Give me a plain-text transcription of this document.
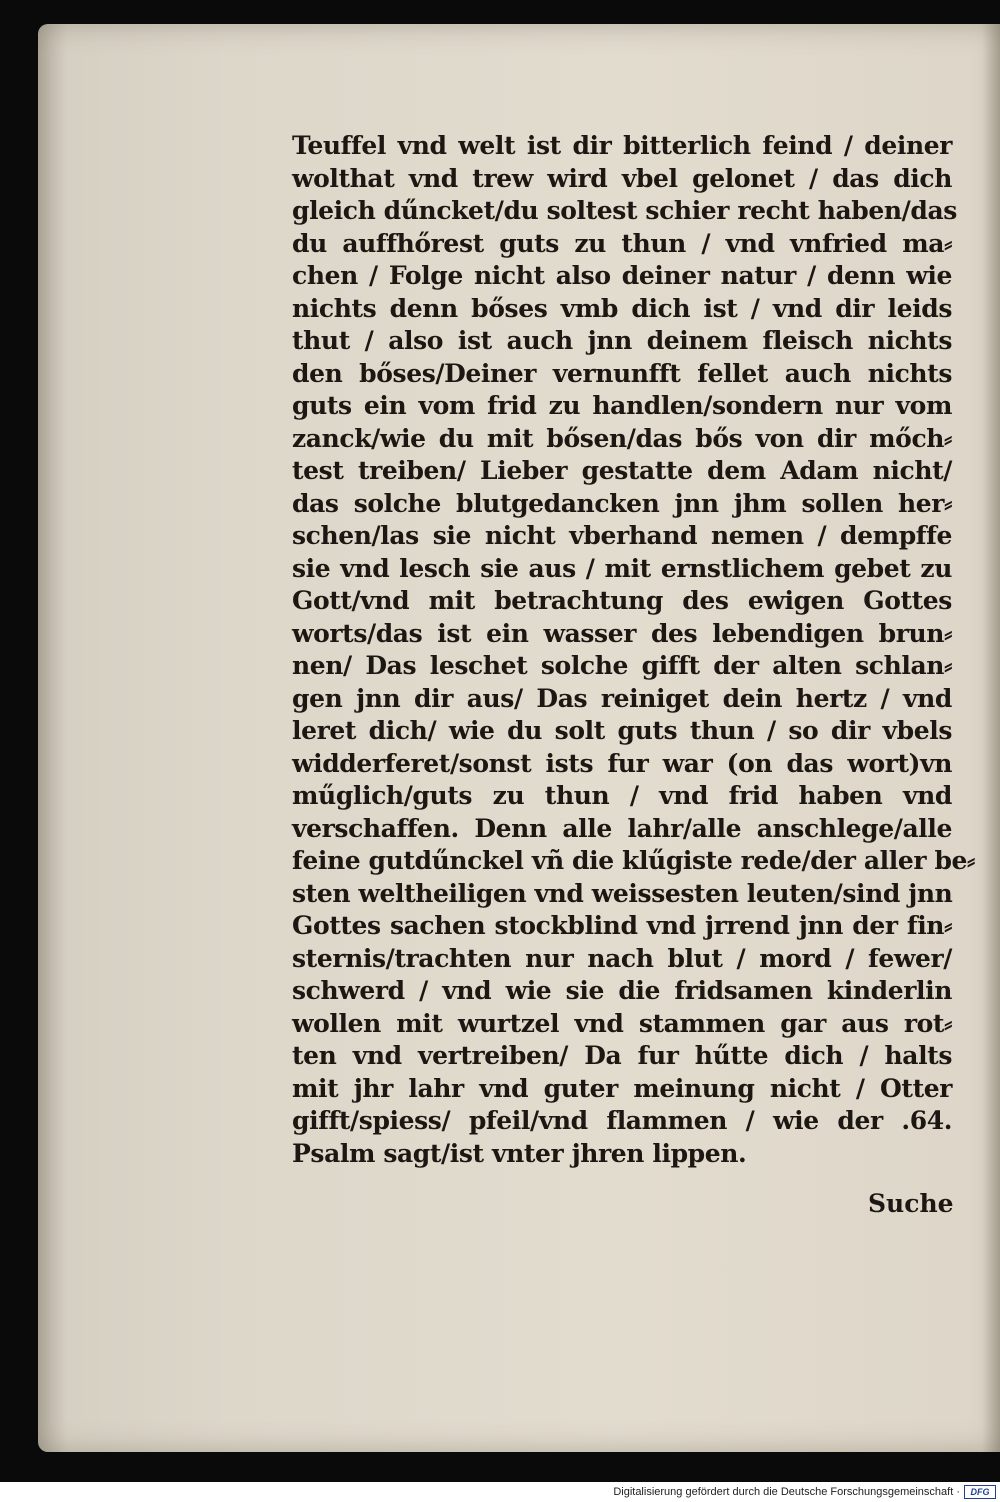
Teuffel vnd welt ist dir bitterlich feind / deiner
wolthat vnd trew wird vbel gelonet / das dich
gleich dűncket/du soltest schier recht haben/das
du auffhőrest guts zu thun / vnd vnfried ma⸗
chen / Folge nicht also deiner natur / denn wie
nichts denn bőses vmb dich ist / vnd dir leids
thut / also ist auch jnn deinem fleisch nichts
den bőses/Deiner vernunfft fellet auch nichts
guts ein vom frid zu handlen/sondern nur vom
zanck/wie du mit bősen/das bős von dir mőch⸗
test treiben/ Lieber gestatte dem Adam nicht/
das solche blutgedancken jnn jhm sollen her⸗
schen/las sie nicht vberhand nemen / dempffe
sie vnd lesch sie aus / mit ernstlichem gebet zu
Gott/vnd mit betrachtung des ewigen Gottes
worts/das ist ein wasser des lebendigen brun⸗
nen/ Das leschet solche gifft der alten schlan⸗
gen jnn dir aus/ Das reiniget dein hertz / vnd
leret dich/ wie du solt guts thun / so dir vbels
widderferet/sonst ists fur war (on das wort)vn
műglich/guts zu thun / vnd frid haben vnd
verschaffen. Denn alle lahr/alle anschlege/alle
feine gutdűnckel vñ die klűgiste rede/der aller be⸗
sten weltheiligen vnd weissesten leuten/sind jnn
Gottes sachen stockblind vnd jrrend jnn der fin⸗
sternis/trachten nur nach blut / mord / fewer/
schwerd / vnd wie sie die fridsamen kinderlin
wollen mit wurtzel vnd stammen gar aus rot⸗
ten vnd vertreiben/ Da fur hűtte dich / halts
mit jhr lahr vnd guter meinung nicht / Otter
gifft/spiess/ pfeil/vnd flammen / wie der .64.
Psalm sagt/ist vnter jhren lippen.
Suche
Digitalisierung gefördert durch die Deutsche Forschungsgemeinschaft ·	DFG
